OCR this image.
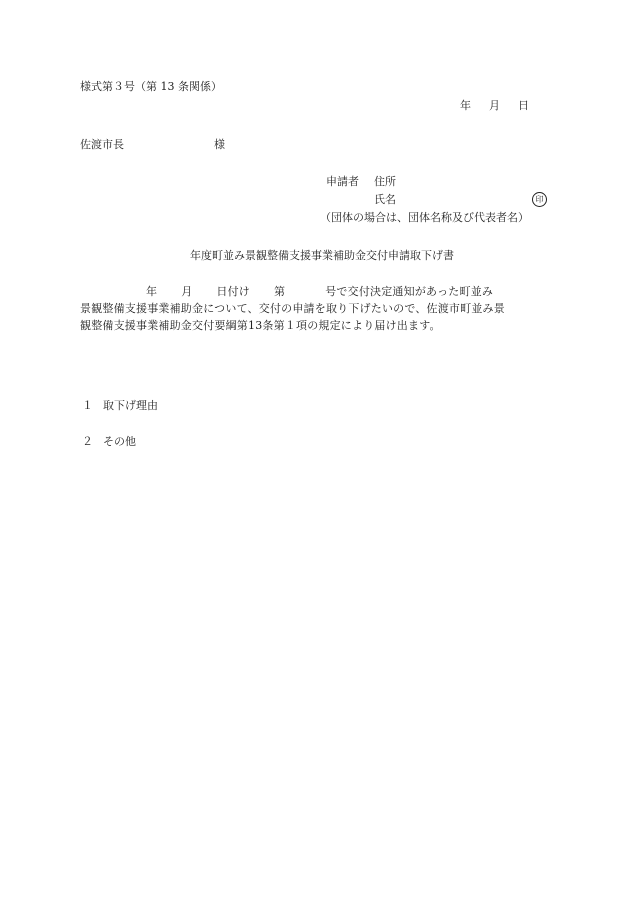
様式第３号（第 13 条関係）
年 月 日
佐渡市長	様
申請者 住所
氏名	印
（団体の場合は、団体名称及び代表者名）
年度町並み景観整備支援事業補助金交付申請取下げ書
年 月 日付け 第	号で交付決定通知があった町並み
景観整備支援事業補助金について、交付の申請を取り下げたいので、佐渡市町並み景
観整備支援事業補助金交付要綱第13条第１項の規定により届け出ます。
１ 取下げ理由
２ その他
